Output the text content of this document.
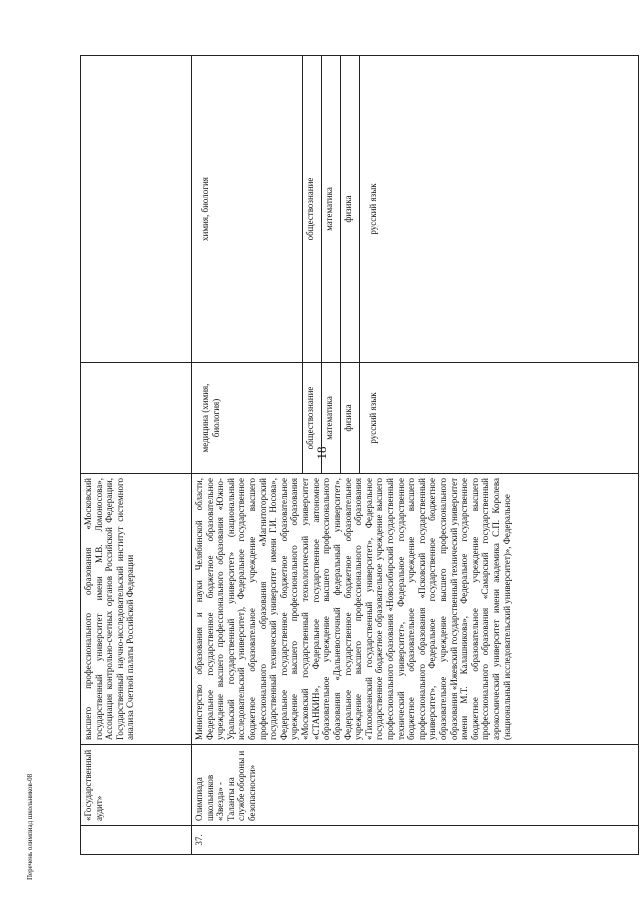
18
	«Государственный аудит»	высшего профессионального образования «Московский государственный университет имени М.В. Ломоносова», Ассоциация контрольно-счетных органов Российской Федерации, Государственный научно-исследовательский институт системного анализа Счетной палаты Российской Федерации		
37.	Олимпиада школьников «Звезда» - Таланты на службе обороны и безопасности»	Министерство образования и науки Челябинской области, Федеральное государственное бюджетное образовательное учреждение высшего профессионального образования «Южно-Уральский государственный университет» (национальный исследовательский университет), Федеральное государственное бюджетное образовательное учреждение высшего профессионального образования «Магнитогорский государственный технический университет имени Г.И. Носова», Федеральное государственное бюджетное образовательное учреждение высшего профессионального образования «Московский государственный технологический университет «СТАНКИН», Федеральное государственное автономное образовательное учреждение высшего профессионального образования «Дальневосточный федеральный университет», Федеральное государственное бюджетное образовательное учреждение высшего профессионального образования «Тихоокеанский государственный университет», Федеральное государственное бюджетное образовательное учреждение высшего профессионального образования «Новосибирский государственный технический университет», Федеральное государственное бюджетное образовательное учреждение высшего профессионального образования «Псковский государственный университет», Федеральное государственное бюджетное образовательное учреждение высшего профессионального образования «Ижевский государственный технический университет имени М.Т. Калашникова», Федеральное государственное бюджетное образовательное учреждение высшего профессионального образования «Самарский государственный аэрокосмический университет имени академика С.П. Королева (национальный исследовательский университет)», Федеральное	медицина (химия, биология)	химия, биология

			обществознание	обществознание
			математика	математика
			физика	физика

			русский язык	русский язык
Перечень олимпиад школьников-08
